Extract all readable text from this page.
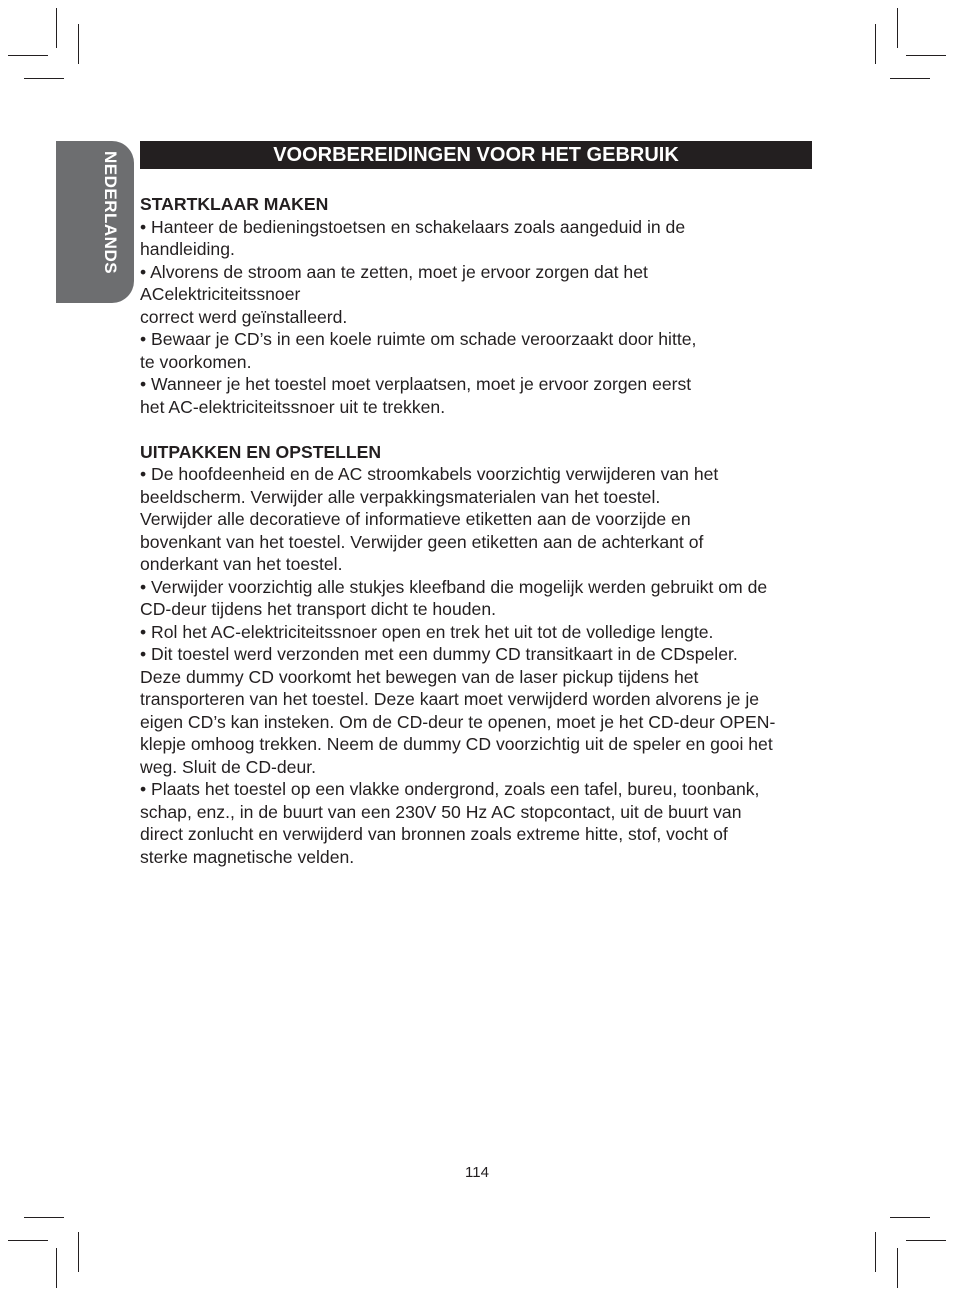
NEDERLANDS	VOORBEREIDINGEN VOOR HET GEBRUIK
STARTKLAAR MAKEN
• Hanteer de bedieningstoetsen en schakelaars zoals aangeduid in de
handleiding.
• Alvorens de stroom aan te zetten, moet je ervoor zorgen dat het
ACelektriciteitssnoer
correct werd geïnstalleerd.
• Bewaar je CD’s in een koele ruimte om schade veroorzaakt door hitte,
te voorkomen.
• Wanneer je het toestel moet verplaatsen, moet je ervoor zorgen eerst
het AC-elektriciteitssnoer uit te trekken.
UITPAKKEN EN OPSTELLEN
• De hoofdeenheid en de AC stroomkabels voorzichtig verwijderen van het
beeldscherm. Verwijder alle verpakkingsmaterialen van het toestel.
Verwijder alle decoratieve of informatieve etiketten aan de voorzijde en
bovenkant van het toestel. Verwijder geen etiketten aan de achterkant of
onderkant van het toestel.
• Verwijder voorzichtig alle stukjes kleefband die mogelijk werden gebruikt om de
CD-deur tijdens het transport dicht te houden.
• Rol het AC-elektriciteitssnoer open en trek het uit tot de volledige lengte.
• Dit toestel werd verzonden met een dummy CD transitkaart in de CDspeler.
Deze dummy CD voorkomt het bewegen van de laser pickup tijdens het
transporteren van het toestel. Deze kaart moet verwijderd worden alvorens je je
eigen CD’s kan insteken. Om de CD-deur te openen, moet je het CD-deur OPEN-
klepje omhoog trekken. Neem de dummy CD voorzichtig uit de speler en gooi het
weg. Sluit de CD-deur.
• Plaats het toestel op een vlakke ondergrond, zoals een tafel, bureu, toonbank,
schap, enz., in de buurt van een 230V 50 Hz AC stopcontact, uit de buurt van
direct zonlucht en verwijderd van bronnen zoals extreme hitte, stof, vocht of
sterke magnetische velden.
114
